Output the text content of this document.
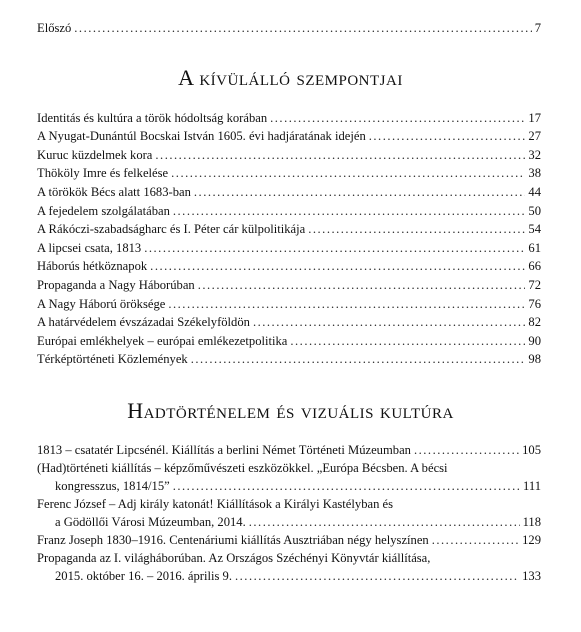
Előszó .....	7
A kívülálló szempontjai
Identitás és kultúra a török hódoltság korában .....	17
A Nyugat-Dunántúl Bocskai István 1605. évi hadjáratának idején .....	27
Kuruc küzdelmek kora .....	32
Thököly Imre és felkelése .....	38
A törökök Bécs alatt 1683-ban .....	44
A fejedelem szolgálatában .....	50
A Rákóczi-szabadságharc és I. Péter cár külpolitikája .....	54
A lipcsei csata, 1813 .....	61
Háborús hétköznapok .....	66
Propaganda a Nagy Háborúban .....	72
A Nagy Háború öröksége .....	76
A határvédelem évszázadai Székelyföldön .....	82
Európai emlékhelyek – európai emlékezetpolitika .....	90
Térképtörténeti Közlemények .....	98
Hadtörténelem és vizuális kultúra
1813 – csatatér Lipcsénél. Kiállítás a berlini Német Történeti Múzeumban .....	105
(Had)történeti kiállítás – képzőművészeti eszközökkel. „Európa Bécsben. A bécsi
kongresszus, 1814/15” .....	111
Ferenc József – Adj király katonát! Kiállítások a Királyi Kastélyban és
a Gödöllői Városi Múzeumban, 2014. .....	118
Franz Joseph 1830–1916. Centenáriumi kiállítás Ausztriában négy helyszínen .....	129
Propaganda az I. világháborúban. Az Országos Széchényi Könyvtár kiállítása,
2015. október 16. – 2016. április 9. .....	133
